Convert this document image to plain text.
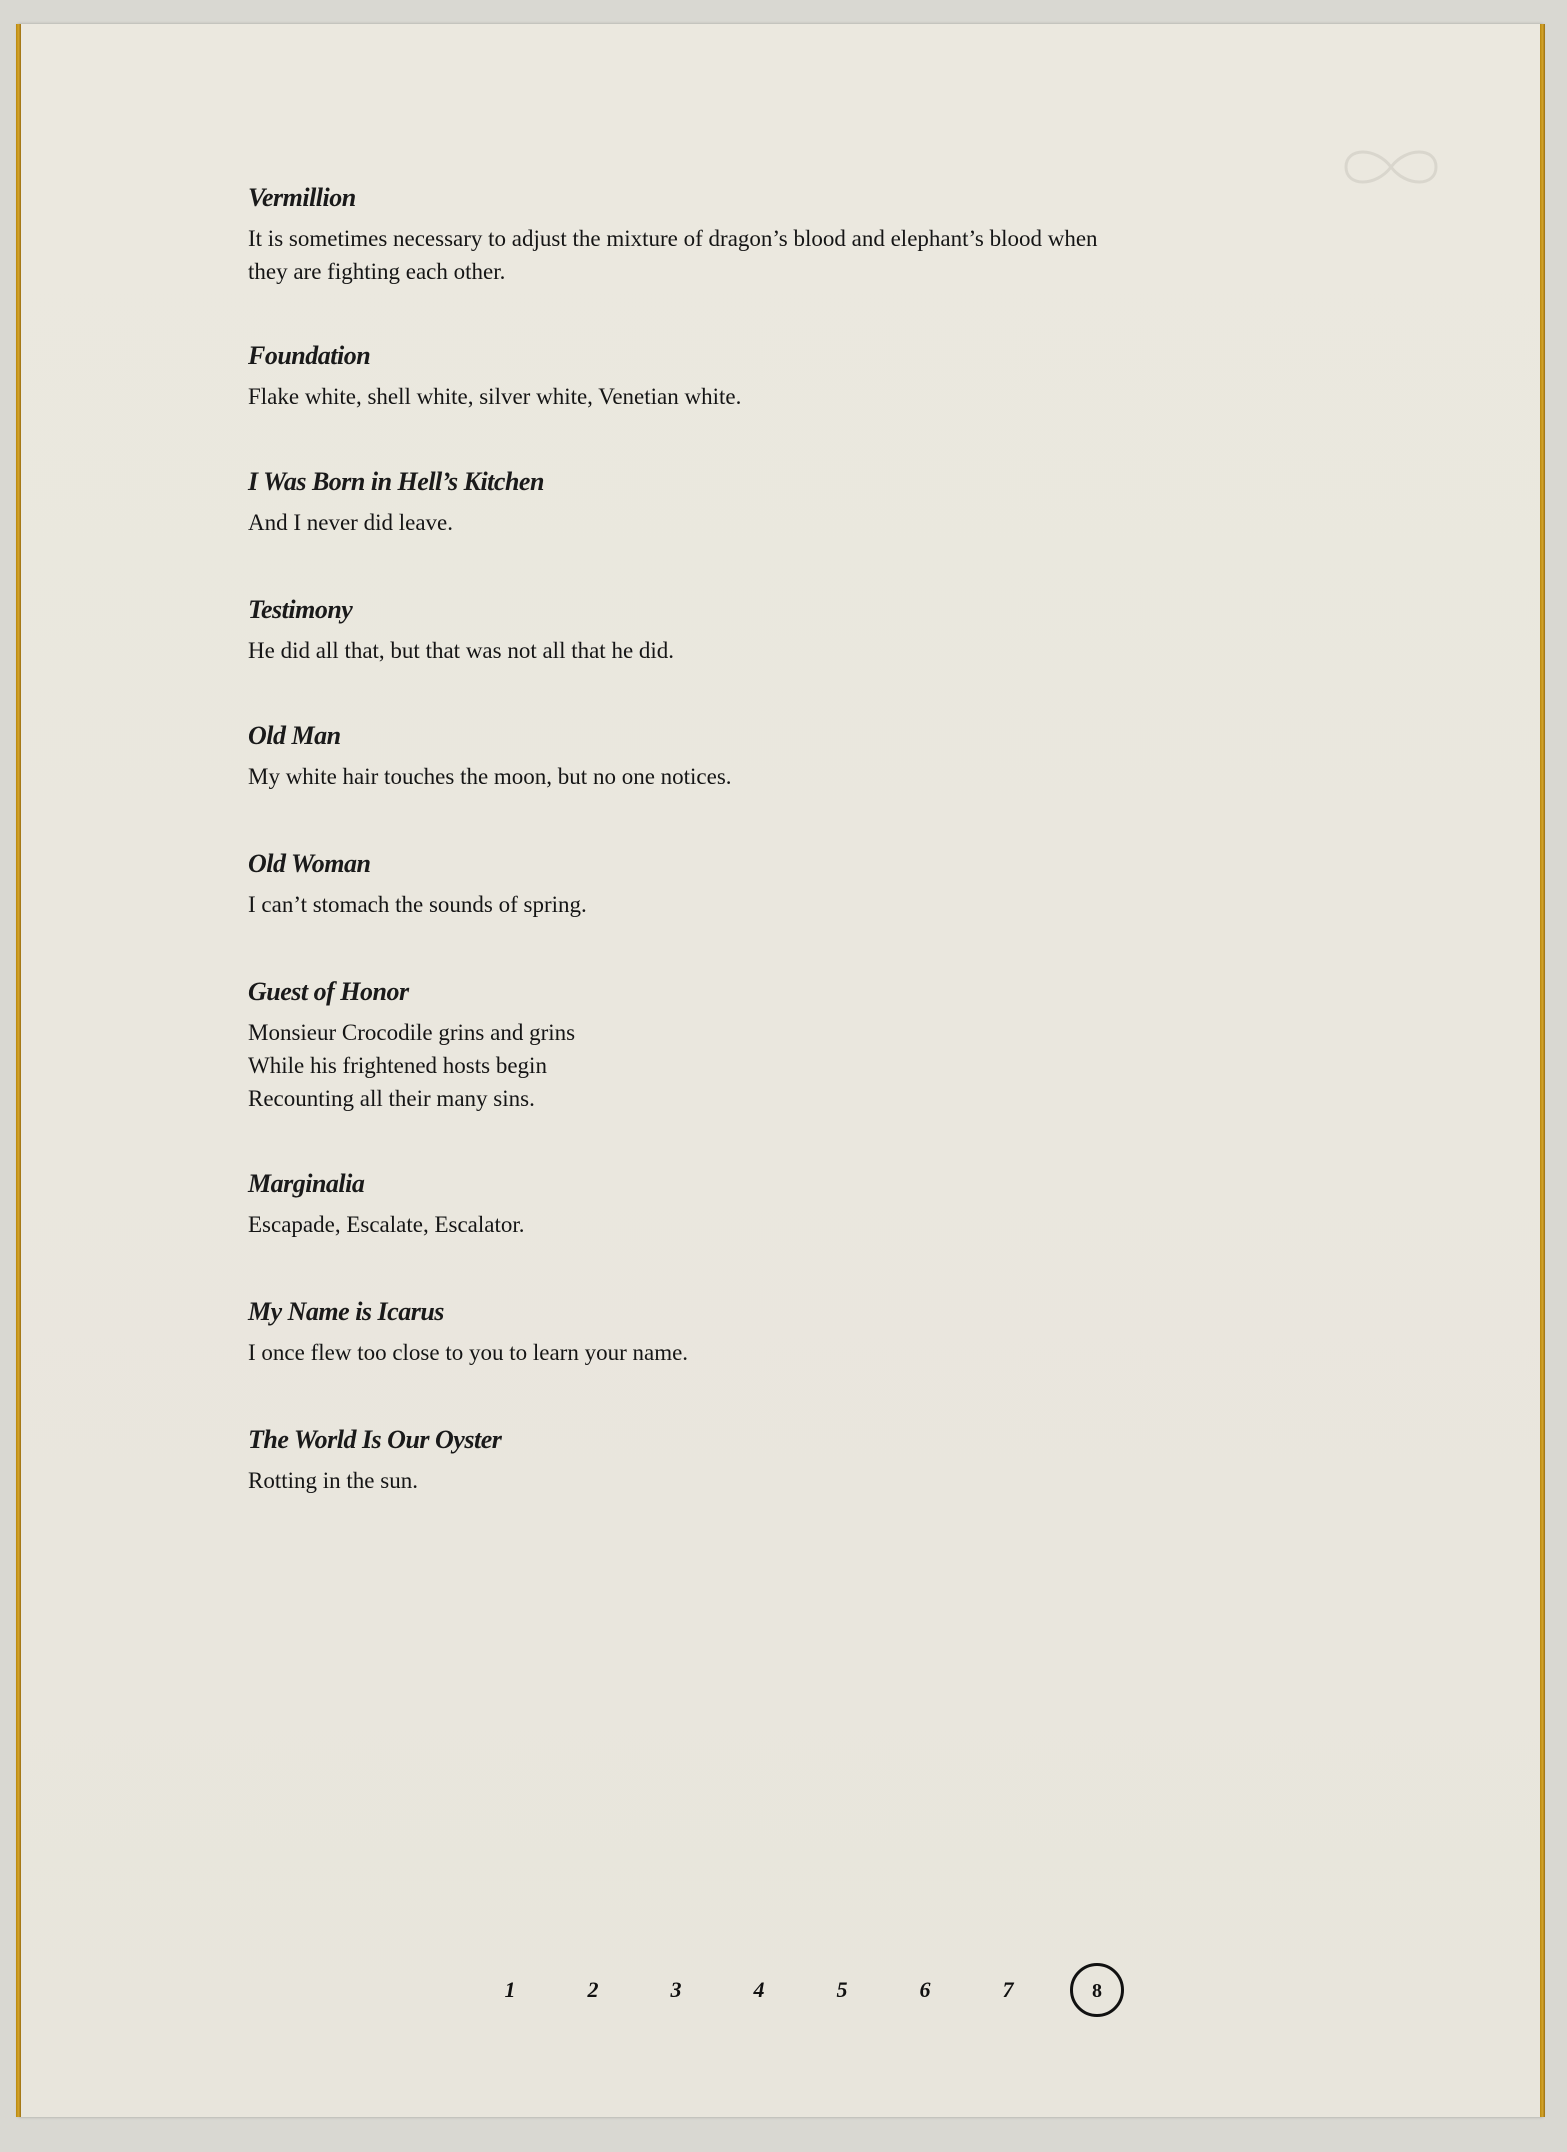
Vermillion

It is sometimes necessary to adjust the mixture of dragon’s blood and elephant’s blood when
they are fighting each other.

Foundation

Flake white, shell white, silver white, Venetian white.

I Was Born in Hell’s Kitchen

And I never did leave.

Testimony

He did all that, but that was not all that he did.

Old Man

My white hair touches the moon, but no one notices.

Old Woman

I can’t stomach the sounds of spring.

Guest of Honor

Monsieur Crocodile grins and grins
While his frightened hosts begin
Recounting all their many sins.

Marginalia

Escapade, Escalate, Escalator.

My Name is Icarus

I once flew too close to you to learn your name.

The World Is Our Oyster

Rotting in the sun.

1	2	3	4	5	6	7	8
